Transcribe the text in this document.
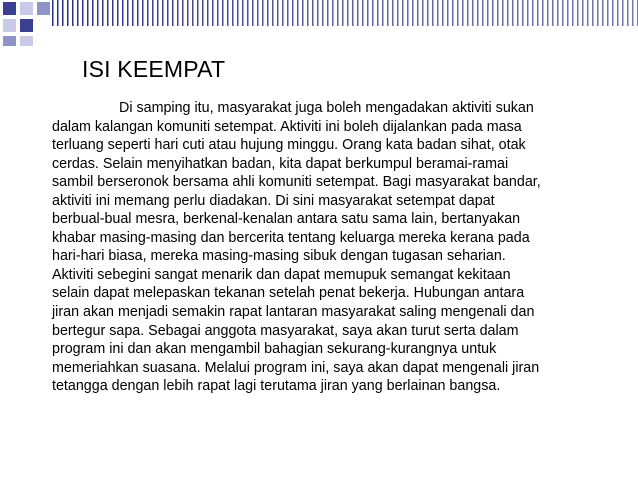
ISI KEEMPAT
Di samping itu, masyarakat juga boleh mengadakan aktiviti sukan
dalam kalangan komuniti setempat. Aktiviti ini boleh dijalankan pada masa
terluang seperti hari cuti atau hujung minggu. Orang kata badan sihat, otak
cerdas. Selain menyihatkan badan, kita dapat berkumpul beramai-ramai
sambil berseronok bersama ahli komuniti setempat. Bagi masyarakat bandar,
aktiviti ini memang perlu diadakan. Di sini masyarakat setempat dapat
berbual-bual mesra, berkenal-kenalan antara satu sama lain, bertanyakan
khabar masing-masing dan bercerita tentang keluarga mereka kerana pada
hari-hari biasa, mereka masing-masing sibuk dengan tugasan seharian.
Aktiviti sebegini sangat menarik dan dapat memupuk semangat kekitaan
selain dapat melepaskan tekanan setelah penat bekerja. Hubungan antara
jiran akan menjadi semakin rapat lantaran masyarakat saling mengenali dan
bertegur sapa. Sebagai anggota masyarakat, saya akan turut serta dalam
program ini dan akan mengambil bahagian sekurang-kurangnya untuk
memeriahkan suasana. Melalui program ini, saya akan dapat mengenali jiran
tetangga dengan lebih rapat lagi terutama jiran yang berlainan bangsa.
